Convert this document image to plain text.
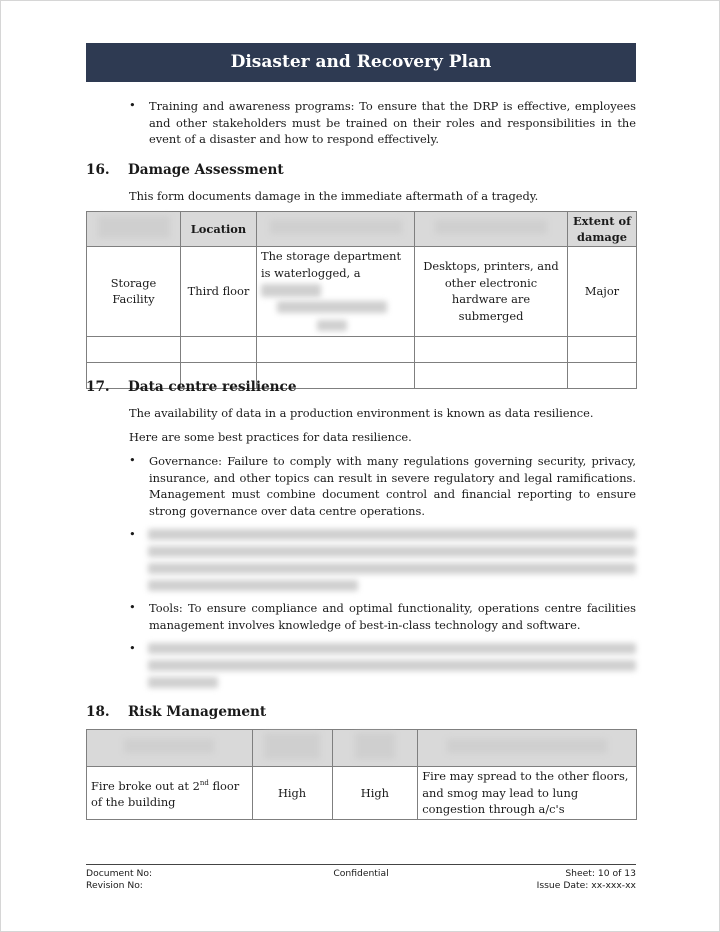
Disaster and Recovery Plan
• Training and awareness programs: To ensure that the DRP is effective, employees and other stakeholders must be trained on their roles and responsibilities in the event of a disaster and how to respond effectively.
16. Damage Assessment
This form documents damage in the immediate aftermath of a tragedy.
	Location			Extent of damage
Storage Facility	Third floor	The storage department is waterlogged, a	Desktops, printers, and other electronic hardware are submerged	Major

17. Data centre resilience
The availability of data in a production environment is known as data resilience.
Here are some best practices for data resilience.
• Governance: Failure to comply with many regulations governing security, privacy, insurance, and other topics can result in severe regulatory and legal ramifications. Management must combine document control and financial reporting to ensure strong governance over data centre operations.
•
• Tools: To ensure compliance and optimal functionality, operations centre facilities management involves knowledge of best-in-class technology and software.
•
18. Risk Management

Fire broke out at 2nd floor of the building	High	High	Fire may spread to the other floors, and smog may lead to lung congestion through a/c's
Document No:	Confidential	Sheet: 10 of 13
Revision No:	Issue Date: xx-xxx-xx
